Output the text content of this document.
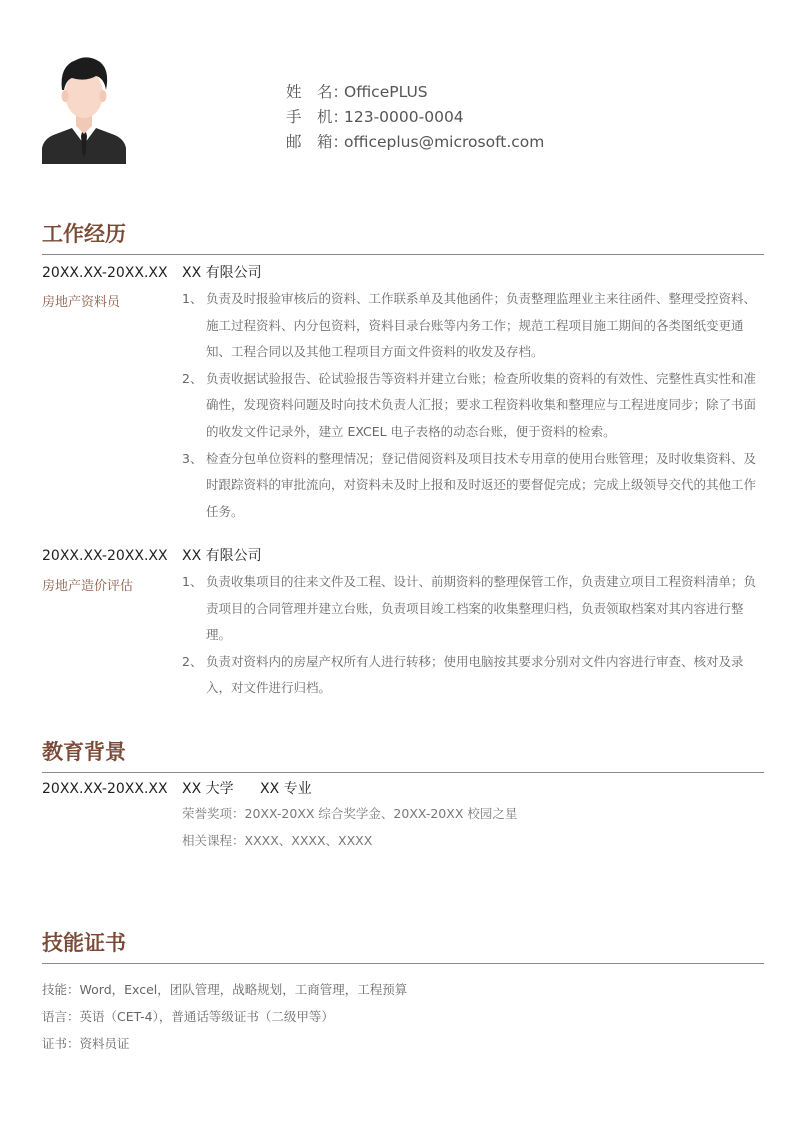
姓　名：OfficePLUS
手　机：123-0000-0004
邮　箱：officeplus@microsoft.com
工作经历
20XX.XX-20XX.XX XX 有限公司
房地产资料员	1、 负责及时报验审核后的资料、工作联系单及其他函件；负责整理监理业主来往函件、整理受控资料、施工过程资料、内分包资料，资料目录台账等内务工作；规范工程项目施工期间的各类图纸变更通知、工程合同以及其他工程项目方面文件资料的收发及存档。
2、 负责收据试验报告、砼试验报告等资料并建立台账；检查所收集的资料的有效性、完整性真实性和准确性，发现资料问题及时向技术负责人汇报；要求工程资料收集和整理应与工程进度同步；除了书面的收发文件记录外，建立 EXCEL 电子表格的动态台账，便于资料的检索。
3、 检查分包单位资料的整理情况；登记借阅资料及项目技术专用章的使用台账管理；及时收集资料、及时跟踪资料的审批流向，对资料未及时上报和及时返还的要督促完成；完成上级领导交代的其他工作任务。
20XX.XX-20XX.XX XX 有限公司
房地产造价评估	1、 负责收集项目的往来文件及工程、设计、前期资料的整理保管工作，负责建立项目工程资料清单；负责项目的合同管理并建立台账，负责项目竣工档案的收集整理归档，负责领取档案对其内容进行整理。
2、 负责对资料内的房屋产权所有人进行转移；使用电脑按其要求分别对文件内容进行审查、核对及录入，对文件进行归档。
教育背景
20XX.XX-20XX.XX XX 大学 XX 专业
荣誉奖项：20XX-20XX 综合奖学金、20XX-20XX 校园之星
相关课程：XXXX、XXXX、XXXX
技能证书
技能：Word，Excel，团队管理，战略规划，工商管理，工程预算
语言：英语（CET-4），普通话等级证书（二级甲等）
证书：资料员证
